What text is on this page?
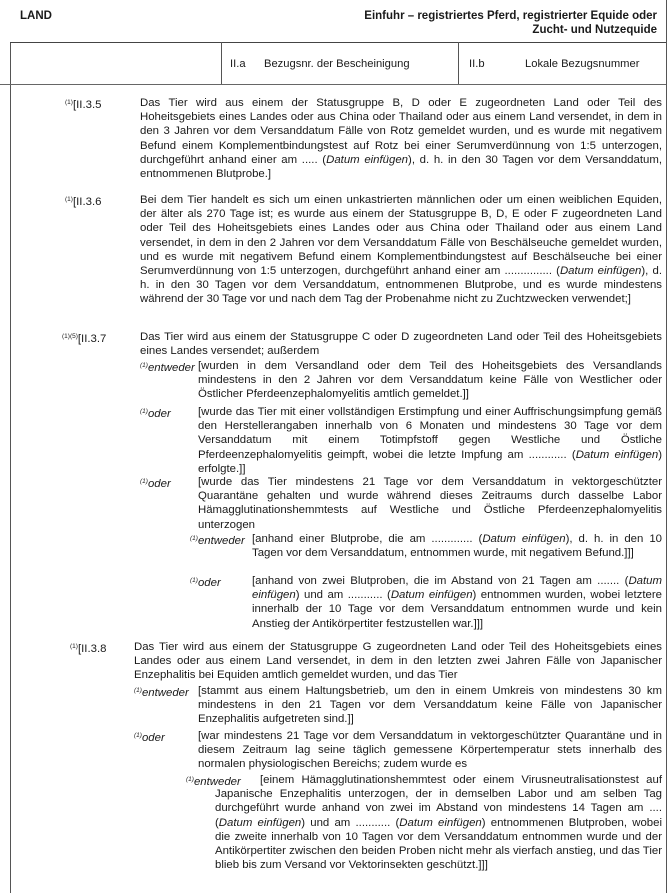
LAND	Einfuhr – registriertes Pferd, registrierter Equide oder
Zucht- und Nutzequide
II.a Bezugsnr. der Bescheinigung	II.b	Lokale Bezugsnummer
$^{(1)}$[II.3.5	Das Tier wird aus einem der Statusgruppe B, D oder E zugeordneten Land oder Teil des Hoheitsgebiets eines Landes oder aus China oder Thailand oder aus einem Land versendet, in dem in den 3 Jahren vor dem Versanddatum Fälle von Rotz gemeldet wurden, und es wurde mit negativem Befund einem Komplementbindungstest auf Rotz bei einer Serumverdünnung von 1:5 unterzogen, durchgeführt anhand einer am ..... (Datum einfügen), d. h. in den 30 Tagen vor dem Versanddatum, entnommenen Blutprobe.]
$^{(1)}$[II.3.6	Bei dem Tier handelt es sich um einen unkastrierten männlichen oder um einen weiblichen Equiden, der älter als 270 Tage ist; es wurde aus einem der Statusgruppe B, D, E oder F zugeordneten Land oder Teil des Hoheitsgebiets eines Landes oder aus China oder Thailand oder aus einem Land versendet, in dem in den 2 Jahren vor dem Versanddatum Fälle von Beschälseuche gemeldet wurden, und es wurde mit negativem Befund einem Komplementbindungstest auf Beschälseuche bei einer Serumverdünnung von 1:5 unterzogen, durchgeführt anhand einer am ............... (Datum einfügen), d. h. in den 30 Tagen vor dem Versanddatum, entnommenen Blutprobe, und es wurde mindestens während der 30 Tage vor und nach dem Tag der Probenahme nicht zu Zuchtzwecken verwendet;]
$^{(1)(5)}$[II.3.7	Das Tier wird aus einem der Statusgruppe C oder D zugeordneten Land oder Teil des Hoheitsgebiets eines Landes versendet; außerdem
$^{(1)}$entweder [wurden in dem Versandland oder dem Teil des Hoheitsgebiets des Versandlands mindestens in den 2 Jahren vor dem Versanddatum keine Fälle von Westlicher oder Östlicher Pferdeenzephalomyelitis amtlich gemeldet.]]
$^{(1)}$oder [wurde das Tier mit einer vollständigen Erstimpfung und einer Auffrischungsimpfung gemäß den Herstellerangaben innerhalb von 6 Monaten und mindestens 30 Tage vor dem Versanddatum mit einem Totimpfstoff gegen Westliche und Östliche Pferdeenzephalomyelitis geimpft, wobei die letzte Impfung am ............ (Datum einfügen) erfolgte.]]
$^{(1)}$oder [wurde das Tier mindestens 21 Tage vor dem Versanddatum in vektorgeschützter Quarantäne gehalten und wurde während dieses Zeitraums durch dasselbe Labor Hämagglutinationshemmtests auf Westliche und Östliche Pferdeenzephalomyelitis unterzogen
$^{(1)}$entweder [anhand einer Blutprobe, die am ............. (Datum einfügen), d. h. in den 10 Tagen vor dem Versanddatum, entnommen wurde, mit negativem Befund.]]]
$^{(1)}$oder	[anhand von zwei Blutproben, die im Abstand von 21 Tagen am ....... (Datum einfügen) und am ........... (Datum einfügen) entnommen wurden, wobei letztere innerhalb der 10 Tage vor dem Versanddatum entnommen wurde und kein Anstieg der Antikörpertiter festzustellen war.]]]
$^{(1)}$[II.3.8 Das Tier wird aus einem der Statusgruppe G zugeordneten Land oder Teil des Hoheitsgebiets eines Landes oder aus einem Land versendet, in dem in den letzten zwei Jahren Fälle von Japanischer Enzephalitis bei Equiden amtlich gemeldet wurden, und das Tier
$^{(1)}$entweder [stammt aus einem Haltungsbetrieb, um den in einem Umkreis von mindestens 30 km mindestens in den 21 Tagen vor dem Versanddatum keine Fälle von Japanischer Enzephalitis aufgetreten sind.]]
$^{(1)}$oder	[war mindestens 21 Tage vor dem Versanddatum in vektorgeschützter Quarantäne und in diesem Zeitraum lag seine täglich gemessene Körpertemperatur stets innerhalb des normalen physiologischen Bereichs; zudem wurde es
$^{(1)}$entweder	[einem Hämagglutinationshemmtest oder einem Virusneutralisationstest auf Japanische Enzephalitis unterzogen, der in demselben Labor und am selben Tag durchgeführt wurde anhand von zwei im Abstand von mindestens 14 Tagen am .... (Datum einfügen) und am ........... (Datum einfügen) entnommenen Blutproben, wobei die zweite innerhalb von 10 Tagen vor dem Versanddatum entnommen wurde und der Antikörpertiter zwischen den beiden Proben nicht mehr als vierfach anstieg, und das Tier blieb bis zum Versand vor Vektorinsekten geschützt.]]]
